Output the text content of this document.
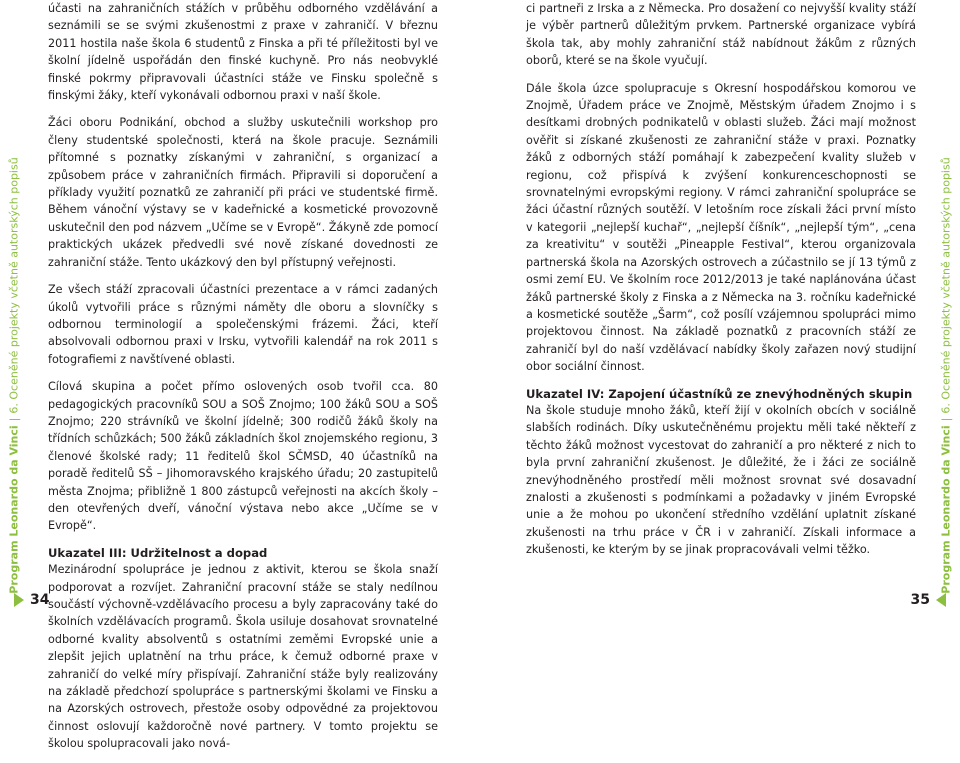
Program Leonardo da Vinci|6. Oceněné projekty včetně autorských popisů
Program Leonardo da Vinci|6. Oceněné projekty včetně autorských popisů

účasti na zahraničních stážích v průběhu odborného vzdělávání a seznámili se se svými zkušenostmi z praxe v zahraničí. V březnu 2011 hostila naše škola 6 studentů z Finska a při té příležitosti byl ve školní jídelně uspořádán den finské kuchyně. Pro nás neobvyklé finské pokrmy připravovali účastníci stáže ve Finsku společně s finskými žáky, kteří vykonávali odbornou praxi v naší škole.

Žáci oboru Podnikání, obchod a služby uskutečnili workshop pro členy studentské společnosti, která na škole pracuje. Seznámili přítomné s poznatky získanými v zahraniční, s organizací a způsobem práce v zahraničních firmách. Připravili si doporučení a příklady využití poznatků ze zahraničí při práci ve studentské firmě. Během vánoční výstavy se v kadeřnické a kosmetické provozovně uskutečnil den pod názvem „Učíme se v Evropě“. Žákyně zde pomocí praktických ukázek předvedli své nově získané dovednosti ze zahraniční stáže. Tento ukázkový den byl přístupný veřejnosti.

Ze všech stáží zpracovali účastníci prezentace a v rámci zadaných úkolů vytvořili práce s různými náměty dle oboru a slovníčky s odbornou terminologií a společenskými frázemi. Žáci, kteří absolvovali odbornou praxi v Irsku, vytvořili kalendář na rok 2011 s fotografiemi z navštívené oblasti.

Cílová skupina a počet přímo oslovených osob tvořil cca. 80 pedagogických pracovníků SOU a SOŠ Znojmo; 100 žáků SOU a SOŠ Znojmo; 220 strávníků ve školní jídelně; 300 rodičů žáků školy na třídních schůzkách; 500 žáků základních škol znojemského regionu, 3 členové školské rady; 11 ředitelů škol SČMSD, 40 účastníků na poradě ředitelů SŠ – Jihomoravského krajského úřadu; 20 zastupitelů města Znojma; přibližně 1 800 zástupců veřejnosti na akcích školy – den otevřených dveří, vánoční výstava nebo akce „Učíme se v Evropě“.

Ukazatel III: Udržitelnost a dopad

Mezinárodní spolupráce je jednou z aktivit, kterou se škola snaží podporovat a rozvíjet. Zahraniční pracovní stáže se staly nedílnou součástí výchovně-vzdělávacího procesu a byly zapracovány také do školních vzdělávacích programů. Škola usiluje dosahovat srovnatelné odborné kvality absolventů s ostatními zeměmi Evropské unie a zlepšit jejich uplatnění na trhu práce, k čemuž odborné praxe v zahraničí do velké míry přispívají. Zahraniční stáže byly realizovány na základě předchozí spolupráce s partnerskými školami ve Finsku a na Azorských ostrovech, přestože osoby odpovědné za projektovou činnost oslovují každoročně nové partnery. V tomto projektu se školou spolupracovali jako nová-

ci partneři z Irska a z Německa. Pro dosažení co nejvyšší kvality stáží je výběr partnerů důležitým prvkem. Partnerské organizace vybírá škola tak, aby mohly zahraniční stáž nabídnout žákům z různých oborů, které se na škole vyučují.

Dále škola úzce spolupracuje s Okresní hospodářskou komorou ve Znojmě, Úřadem práce ve Znojmě, Městským úřadem Znojmo i s desítkami drobných podnikatelů v oblasti služeb. Žáci mají možnost ověřit si získané zkušenosti ze zahraniční stáže v praxi. Poznatky žáků z odborných stáží pomáhají k zabezpečení kvality služeb v regionu, což přispívá k zvýšení konkurenceschopnosti se srovnatelnými evropskými regiony. V rámci zahraniční spolupráce se žáci účastní různých soutěží. V letošním roce získali žáci první místo v kategorii „nejlepší kuchař“, „nejlepší číšník“, „nejlepší tým“, „cena za kreativitu“ v soutěži „Pineapple Festival“, kterou organizovala partnerská škola na Azorských ostrovech a zúčastnilo se jí 13 týmů z osmi zemí EU. Ve školním roce 2012/2013 je také naplánována účast žáků partnerské školy z Finska a z Německa na 3. ročníku kadeřnické a kosmetické soutěže „Šarm“, což posílí vzájemnou spolupráci mimo projektovou činnost. Na základě poznatků z pracovních stáží ze zahraničí byl do naší vzdělávací nabídky školy zařazen nový studijní obor sociální činnost.

Ukazatel IV: Zapojení účastníků ze znevýhodněných skupin

Na škole studuje mnoho žáků, kteří žijí v okolních obcích v sociálně slabších rodinách. Díky uskutečněnému projektu měli také někteří z těchto žáků možnost vycestovat do zahraničí a pro některé z nich to byla první zahraniční zkušenost. Je důležité, že i žáci ze sociálně znevýhodněného prostředí měli možnost srovnat své dosavadní znalosti a zkušenosti s podmínkami a požadavky v jiném Evropské unie a že mohou po ukončení středního vzdělání uplatnit získané zkušenosti na trhu práce v ČR i v zahraničí. Získali informace a zkušenosti, ke kterým by se jinak propracovávali velmi těžko.

34	35
